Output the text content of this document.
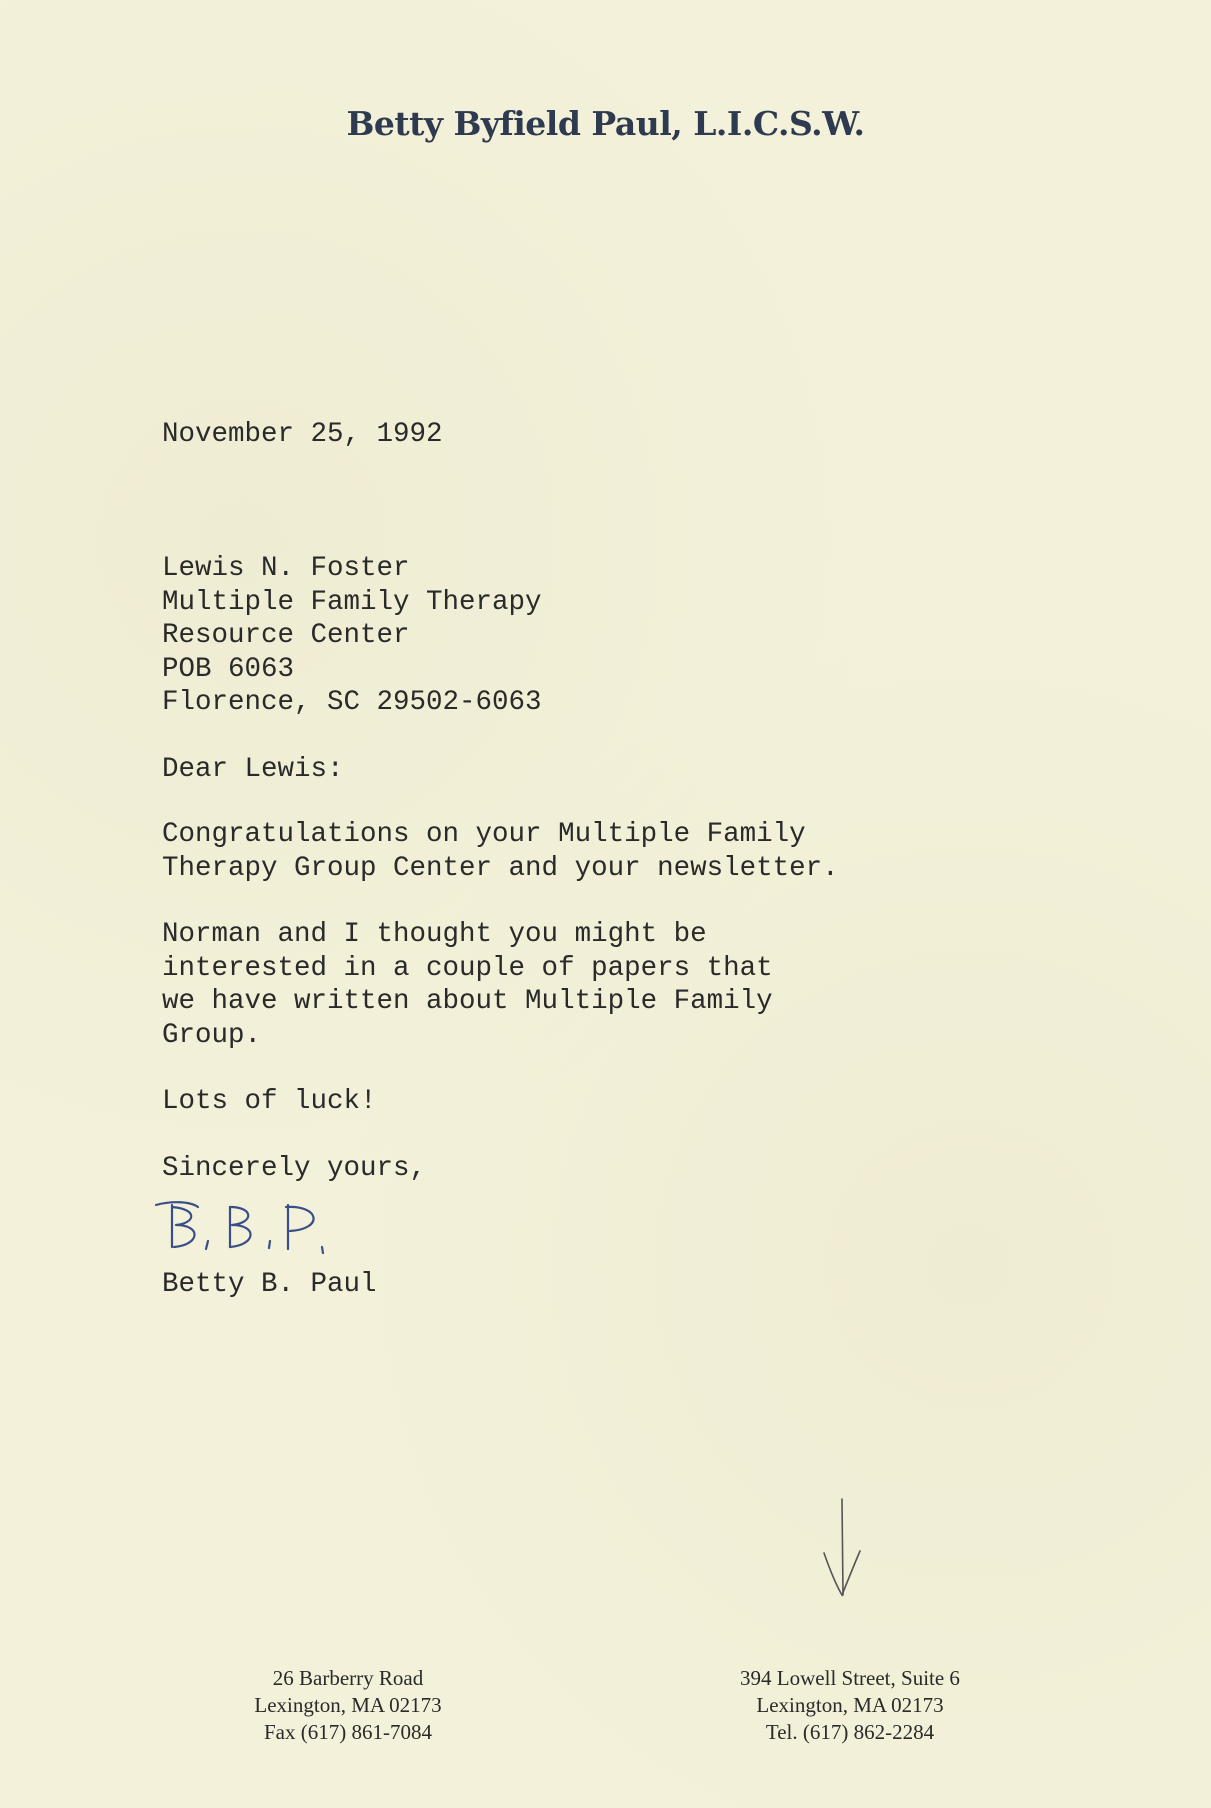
Betty Byfield Paul, L.I.C.S.W.
November 25, 1992
Lewis N. Foster
Multiple Family Therapy
Resource Center
POB 6063
Florence, SC 29502-6063
Dear Lewis:
Congratulations on your Multiple Family
Therapy Group Center and your newsletter.
Norman and I thought you might be
interested in a couple of papers that
we have written about Multiple Family
Group.
Lots of luck!
Sincerely yours,
Betty B. Paul
26 Barberry Road
Lexington, MA 02173
Fax (617) 861-7084
394 Lowell Street, Suite 6
Lexington, MA 02173
Tel. (617) 862-2284
